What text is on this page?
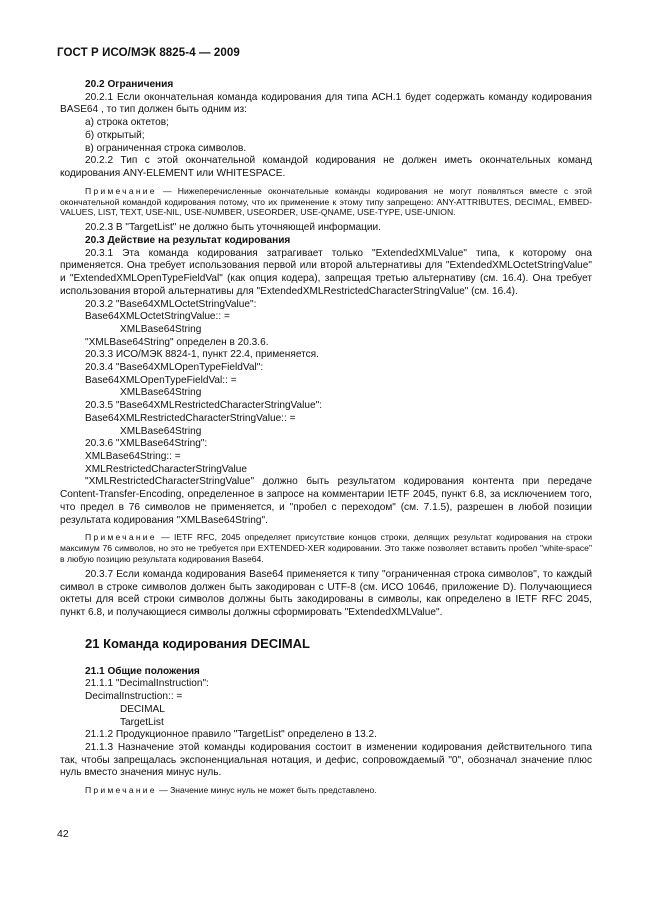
ГОСТ Р ИСО/МЭК 8825-4 — 2009

20.2 Ограничения

20.2.1 Если окончательная команда кодирования для типа АСН.1 будет содержать команду кодирования BASE64 , то тип должен быть одним из:

а) строка октетов;

б) открытый;

в) ограниченная строка символов.

20.2.2 Тип с этой окончательной командой кодирования не должен иметь окончательных команд кодирования ANY-ELEMENT или WHITESPACE.

Примечание — Нижеперечисленные окончательные команды кодирования не могут появляться вместе с этой окончательной командой кодирования потому, что их применение к этому типу запрещено: ANY-ATTRIBUTES, DECIMAL, EMBED-VALUES, LIST, TEXT, USE-NIL, USE-NUMBER, USEORDER, USE-QNAME, USE-TYPE, USE-UNION.

20.2.3 В "TargetList" не должно быть уточняющей информации.

20.3 Действие на результат кодирования

20.3.1 Эта команда кодирования затрагивает только "ExtendedXMLValue" типа, к которому она применяется. Она требует использования первой или второй альтернативы для "ExtendedXMLOctetStringValue" и "ExtendedXMLOpenTypeFieldVal" (как опция кодера), запрещая третью альтернативу (см. 16.4). Она требует использования второй альтернативы для "ExtendedXMLRestrictedCharacterStringValue" (см. 16.4).

20.3.2 "Base64XMLOctetStringValue":

Base64XMLOctetStringValue:: =

XMLBase64String

"XMLBase64String" определен в 20.3.6.

20.3.3 ИСО/МЭК 8824-1, пункт 22.4, применяется.

20.3.4 "Base64XMLOpenTypeFieldVal":

Base64XMLOpenTypeFieldVal:: =

XMLBase64String

20.3.5 "Base64XMLRestrictedCharacterStringValue":

Base64XMLRestrictedCharacterStringValue:: =

XMLBase64String

20.3.6 "XMLBase64String":

XMLBase64String:: =

XMLRestrictedCharacterStringValue

"XMLRestrictedCharacterStringValue" должно быть результатом кодирования контента при передаче Content-Transfer-Encoding, определенное в запросе на комментарии IETF 2045, пункт 6.8, за исключением того, что предел в 76 символов не применяется, и "пробел с переходом" (см. 7.1.5), разрешен в любой позиции результата кодирования "XMLBase64String".

Примечание — IETF RFC, 2045 определяет присутствие концов строки, делящих результат кодирования на строки максимум 76 символов, но это не требуется при EXTENDED-XER кодировании. Это также позволяет вставить пробел "white-space" в любую позицию результата кодирования Base64.

20.3.7 Если команда кодирования Base64 применяется к типу "ограниченная строка символов", то каждый символ в строке символов должен быть закодирован с UTF-8 (см. ИСО 10646, приложение D). Получающиеся октеты для всей строки символов должны быть закодированы в символы, как определено в IETF RFC 2045, пункт 6.8, и получающиеся символы должны сформировать "ExtendedXMLValue".

21 Команда кодирования DECIMAL

21.1 Общие положения

21.1.1 "DecimalInstruction":

DecimalInstruction:: =

DECIMAL

TargetList

21.1.2 Продукционное правило "TargetList" определено в 13.2.

21.1.3 Назначение этой команды кодирования состоит в изменении кодирования действительного типа так, чтобы запрещалась экспоненциальная нотация, и дефис, сопровождаемый "0", обозначал значение плюс нуль вместо значения минус нуль.

Примечание — Значение минус нуль не может быть представлено.

42
